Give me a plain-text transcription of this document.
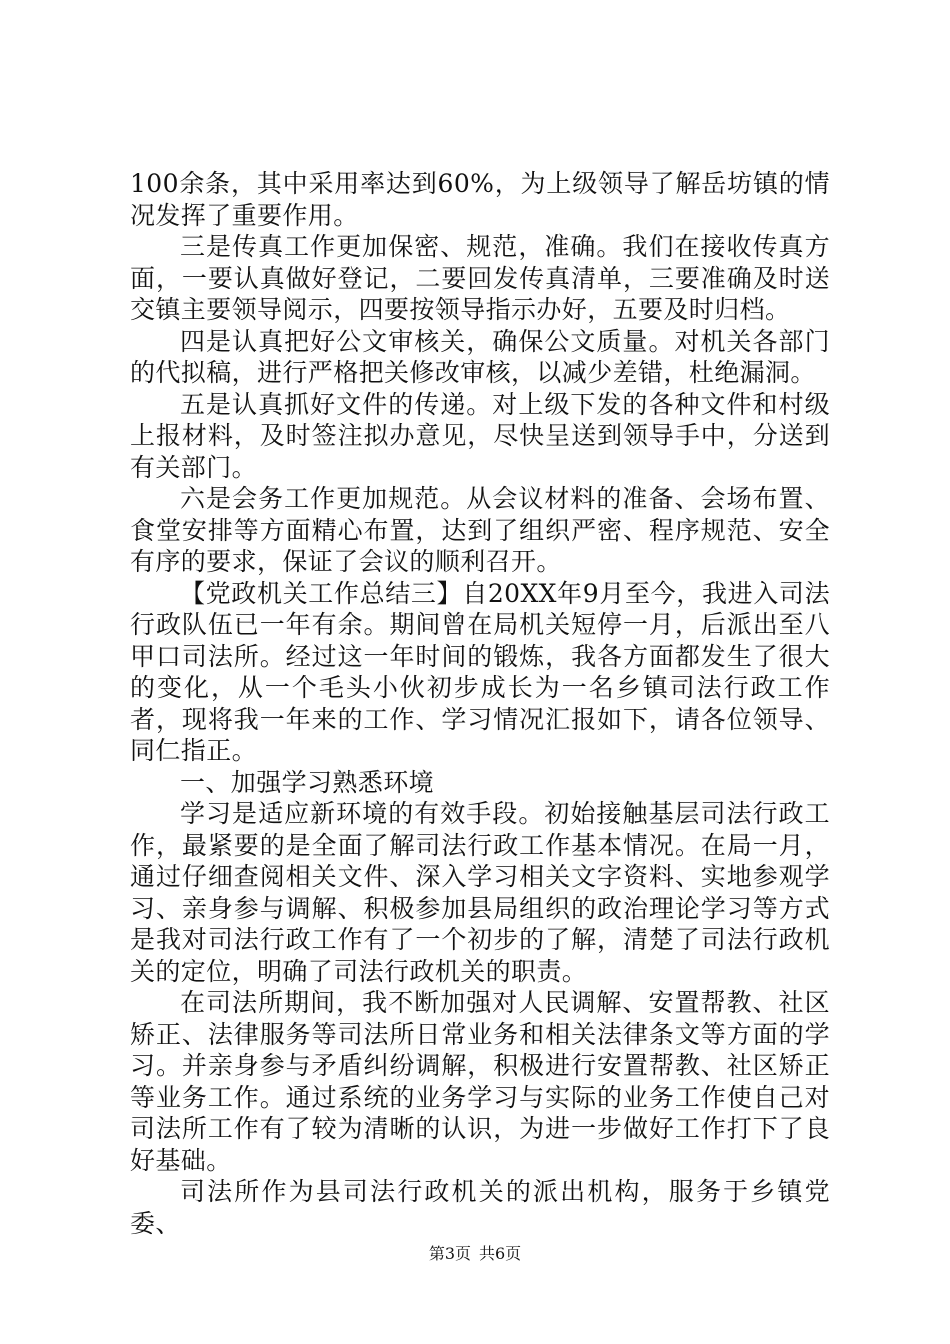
100余条，其中采用率达到60%，为上级领导了解岳坊镇的情况发挥了重要作用。

三是传真工作更加保密、规范，准确。我们在接收传真方面，一要认真做好登记，二要回发传真清单，三要准确及时送交镇主要领导阅示，四要按领导指示办好，五要及时归档。

四是认真把好公文审核关，确保公文质量。对机关各部门的代拟稿，进行严格把关修改审核，以减少差错，杜绝漏洞。

五是认真抓好文件的传递。对上级下发的各种文件和村级上报材料，及时签注拟办意见，尽快呈送到领导手中，分送到有关部门。

六是会务工作更加规范。从会议材料的准备、会场布置、食堂安排等方面精心布置，达到了组织严密、程序规范、安全有序的要求，保证了会议的顺利召开。

【党政机关工作总结三】自20XX年9月至今，我进入司法行政队伍已一年有余。期间曾在局机关短停一月，后派出至八甲口司法所。经过这一年时间的锻炼，我各方面都发生了很大的变化，从一个毛头小伙初步成长为一名乡镇司法行政工作者，现将我一年来的工作、学习情况汇报如下，请各位领导、同仁指正。

一、加强学习熟悉环境

学习是适应新环境的有效手段。初始接触基层司法行政工作，最紧要的是全面了解司法行政工作基本情况。在局一月，通过仔细查阅相关文件、深入学习相关文字资料、实地参观学习、亲身参与调解、积极参加县局组织的政治理论学习等方式是我对司法行政工作有了一个初步的了解，清楚了司法行政机关的定位，明确了司法行政机关的职责。

在司法所期间，我不断加强对人民调解、安置帮教、社区矫正、法律服务等司法所日常业务和相关法律条文等方面的学习。并亲身参与矛盾纠纷调解，积极进行安置帮教、社区矫正等业务工作。通过系统的业务学习与实际的业务工作使自己对司法所工作有了较为清晰的认识，为进一步做好工作打下了良好基础。

司法所作为县司法行政机关的派出机构，服务于乡镇党委、

第3页 共6页
